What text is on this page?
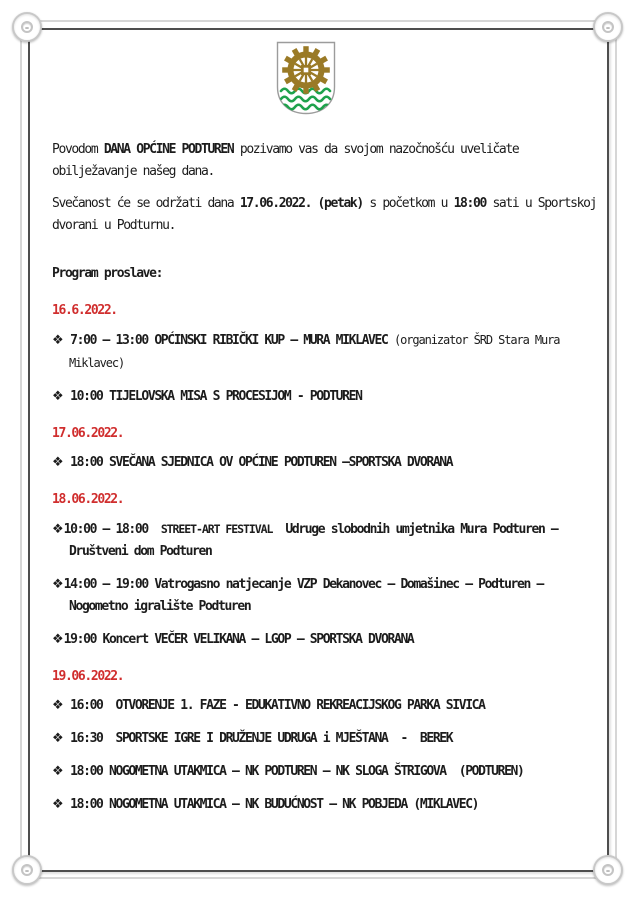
Povodom DANA OPĆINE PODTUREN pozivamo vas da svojom nazočnošću uveličate obilježavanje našeg dana.

Svečanost će se održati dana 17.06.2022. (petak) s početkom u 18:00 sati u Sportskoj dvorani u Podturnu.

Program proslave:

16.6.2022.
❖ 7:00 – 13:00 OPĆINSKI RIBIČKI KUP – MURA MIKLAVEC (organizator ŠRD Stara Mura Miklavec)
❖ 10:00 TIJELOVSKA MISA S PROCESIJOM - PODTUREN
17.06.2022.
❖ 18:00 SVEČANA SJEDNICA OV OPĆINE PODTUREN –SPORTSKA DVORANA
18.06.2022.
❖10:00 – 18:00  STREET-ART FESTIVAL  Udruge slobodnih umjetnika Mura Podturen – Društveni dom Podturen
❖14:00 – 19:00 Vatrogasno natjecanje VZP Dekanovec – Domašinec – Podturen – Nogometno igralište Podturen
❖19:00 Koncert VEČER VELIKANA – LGOP – SPORTSKA DVORANA
19.06.2022.
❖ 16:00  OTVORENJE 1. FAZE - EDUKATIVNO REKREACIJSKOG PARKA SIVICA
❖ 16:30  SPORTSKE IGRE I DRUŽENJE UDRUGA i MJEŠTANA  -  BEREK
❖ 18:00 NOGOMETNA UTAKMICA – NK PODTUREN – NK SLOGA ŠTRIGOVA  (PODTUREN)
❖ 18:00 NOGOMETNA UTAKMICA – NK BUDUĆNOST – NK POBJEDA (MIKLAVEC)
